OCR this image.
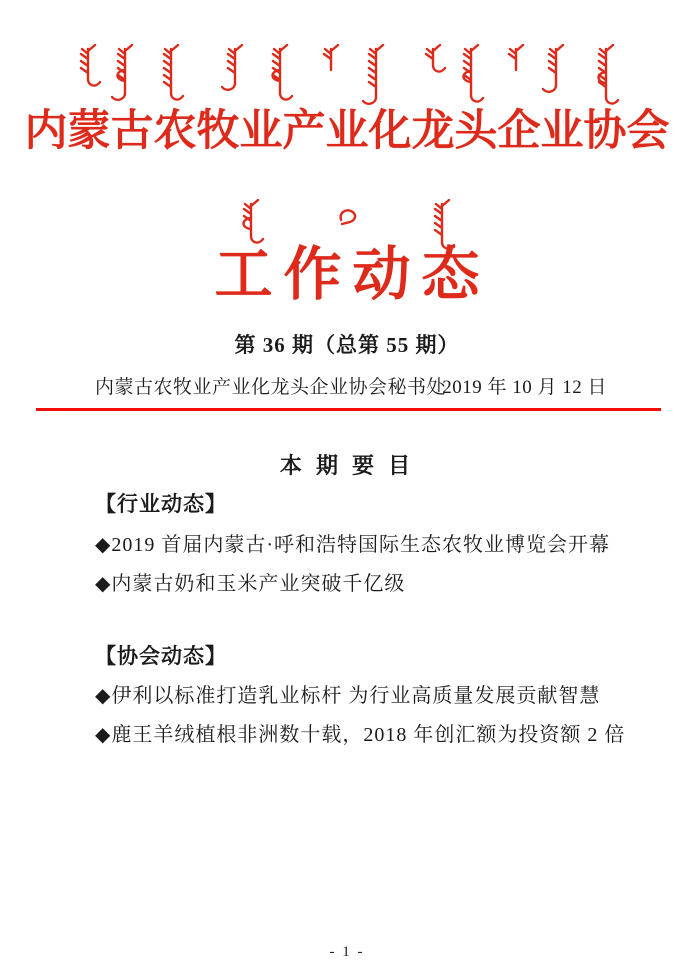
内蒙古农牧业产业化龙头企业协会
工作动态
第 36 期（总第 55 期）
内蒙古农牧业产业化龙头企业协会秘书处
2019 年 10 月 12 日
本 期 要 目
【行业动态】
◆2019 首届内蒙古·呼和浩特国际生态农牧业博览会开幕
◆内蒙古奶和玉米产业突破千亿级
【协会动态】
◆伊利以标准打造乳业标杆 为行业高质量发展贡献智慧
◆鹿王羊绒植根非洲数十载，2018 年创汇额为投资额 2 倍
- 1 -
